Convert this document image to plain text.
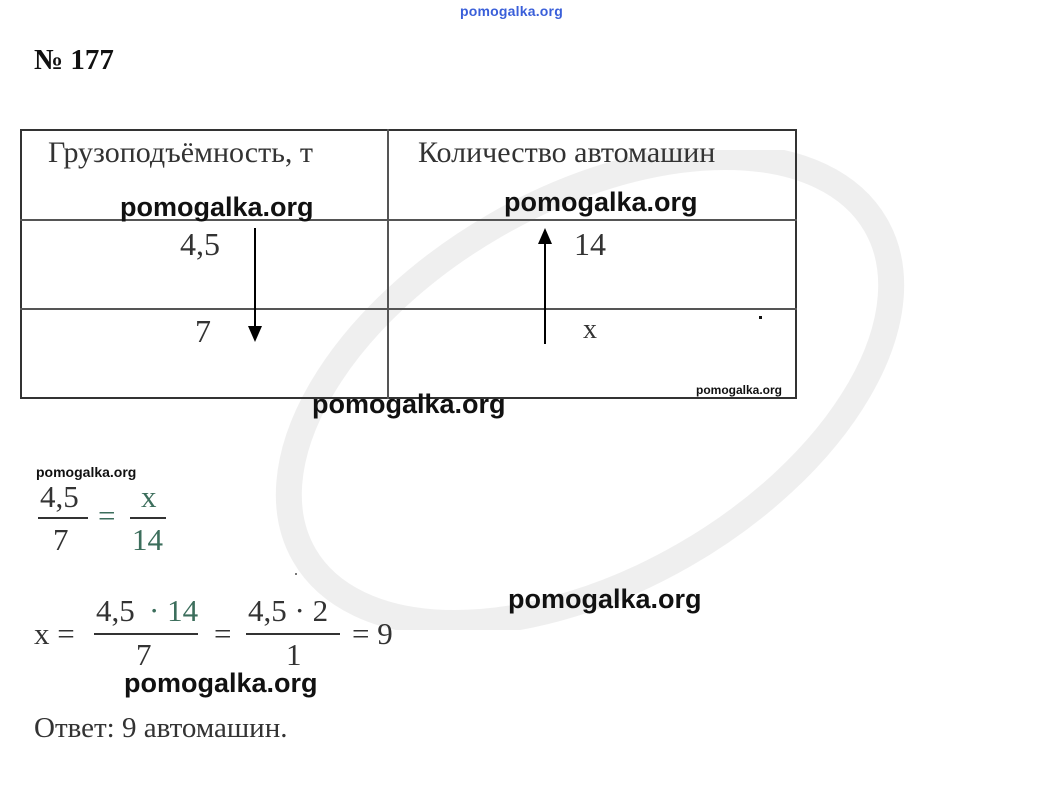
pomogalka.org
№ 177
Грузоподъёмность, т	Количество автомашин
pomogalka.org	pomogalka.org
4,5	14
7	x
pomogalka.org
pomogalka.org
pomogalka.org
4,5
7
=
x
14
x =
4,5 · 14
7
=
4,5 · 2
1
= 9
pomogalka.org
pomogalka.org
Ответ: 9 автомашин.
